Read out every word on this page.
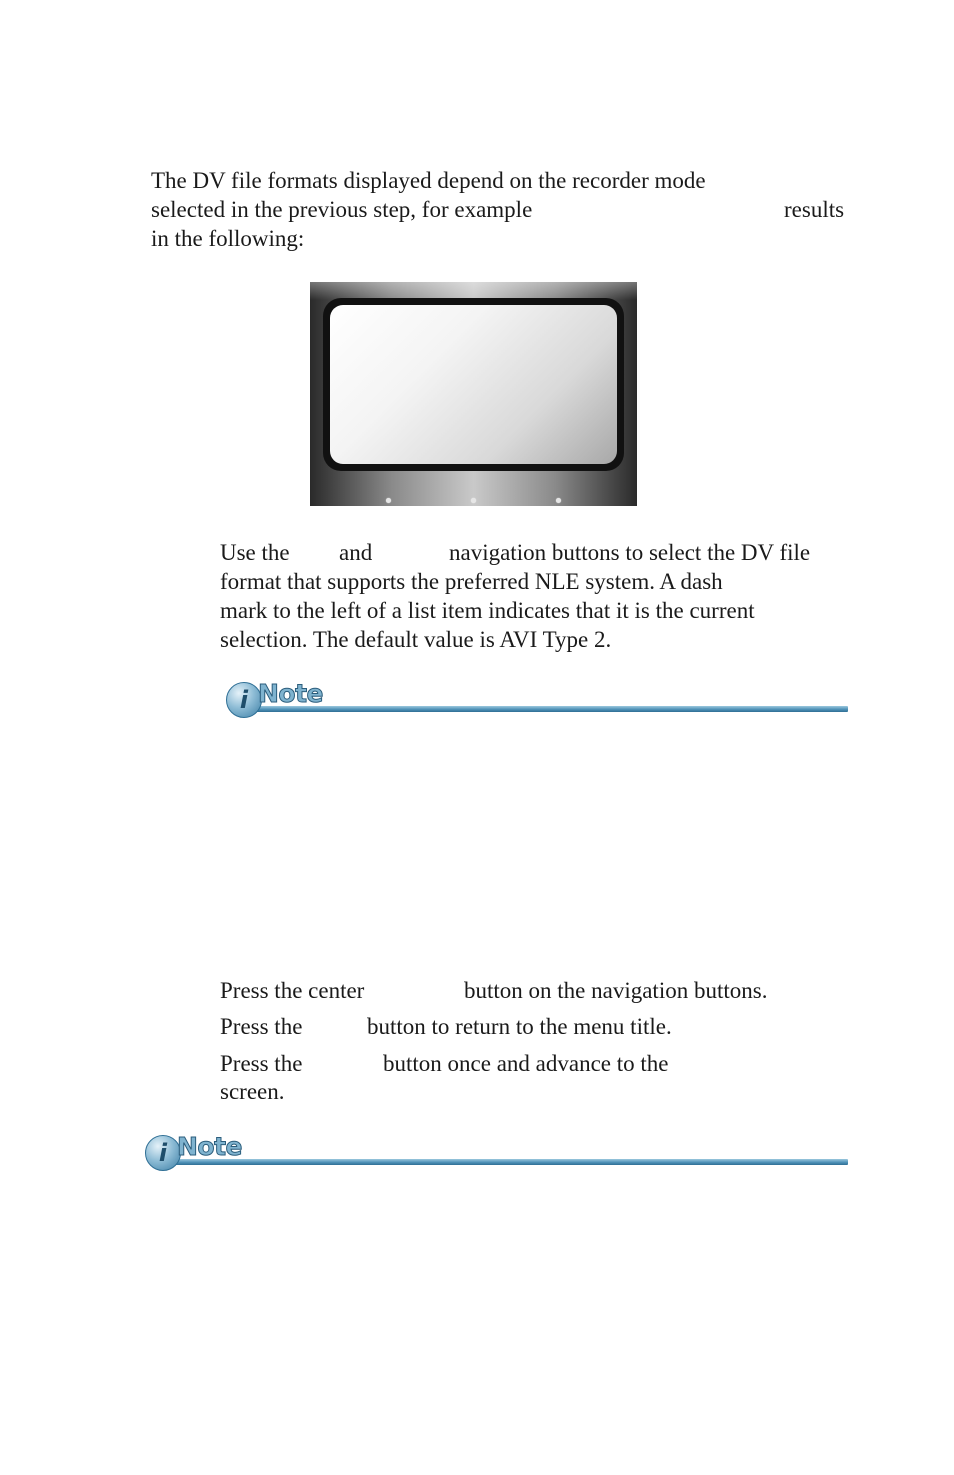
The DV file formats displayed depend on the recorder mode
selected in the previous step, for example	results
in the following:
Use the and	navigation buttons to select the DV file
format that supports the preferred NLE system. A dash
mark to the left of a list item indicates that it is the current
selection. The default value is AVI Type 2.
i Note
Press the center	button on the navigation buttons.
Press the	button to return to the menu title.
Press the	button once and advance to the
screen.
i Note
